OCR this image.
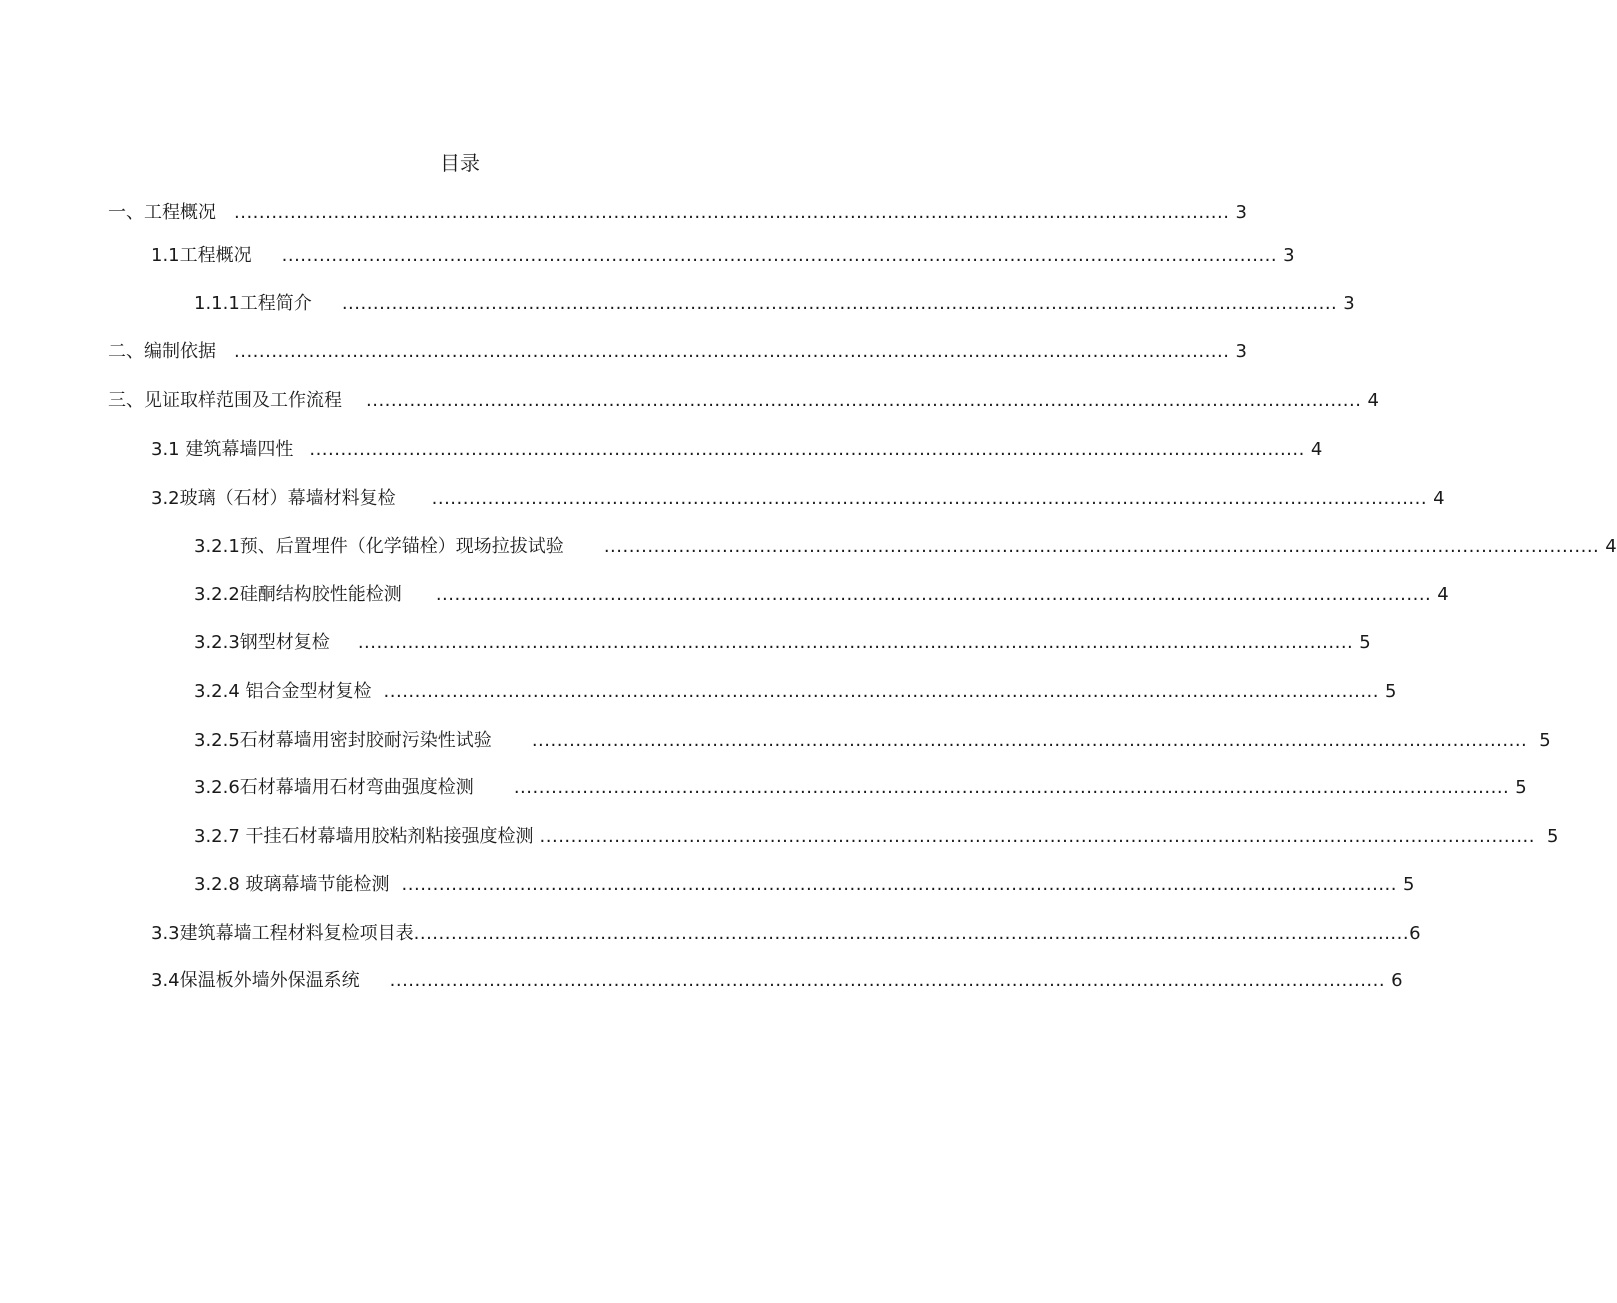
目录
一、工程概况 ................................................................................................................................................................ 3
1.1工程概况 ................................................................................................................................................................ 3
1.1.1工程简介 ................................................................................................................................................................ 3
二、编制依据 ................................................................................................................................................................ 3
三、见证取样范围及工作流程 ................................................................................................................................................................ 4
3.1 建筑幕墙四性 ................................................................................................................................................................ 4
3.2玻璃（石材）幕墙材料复检 ................................................................................................................................................................ 4
3.2.1预、后置埋件（化学锚栓）现场拉拔试验 ................................................................................................................................................................ 4
3.2.2硅酮结构胶性能检测 ................................................................................................................................................................ 4
3.2.3钢型材复检 ................................................................................................................................................................ 5
3.2.4 铝合金型材复检 ................................................................................................................................................................ 5
3.2.5石材幕墙用密封胶耐污染性试验 ................................................................................................................................................................ 5
3.2.6石材幕墙用石材弯曲强度检测 ................................................................................................................................................................ 5
3.2.7 干挂石材幕墙用胶粘剂粘接强度检测 ................................................................................................................................................................ 5
3.2.8 玻璃幕墙节能检测 ................................................................................................................................................................ 5
3.3建筑幕墙工程材料复检项目表 ................................................................................................................................................................ 6
3.4保温板外墙外保温系统 ................................................................................................................................................................ 6
